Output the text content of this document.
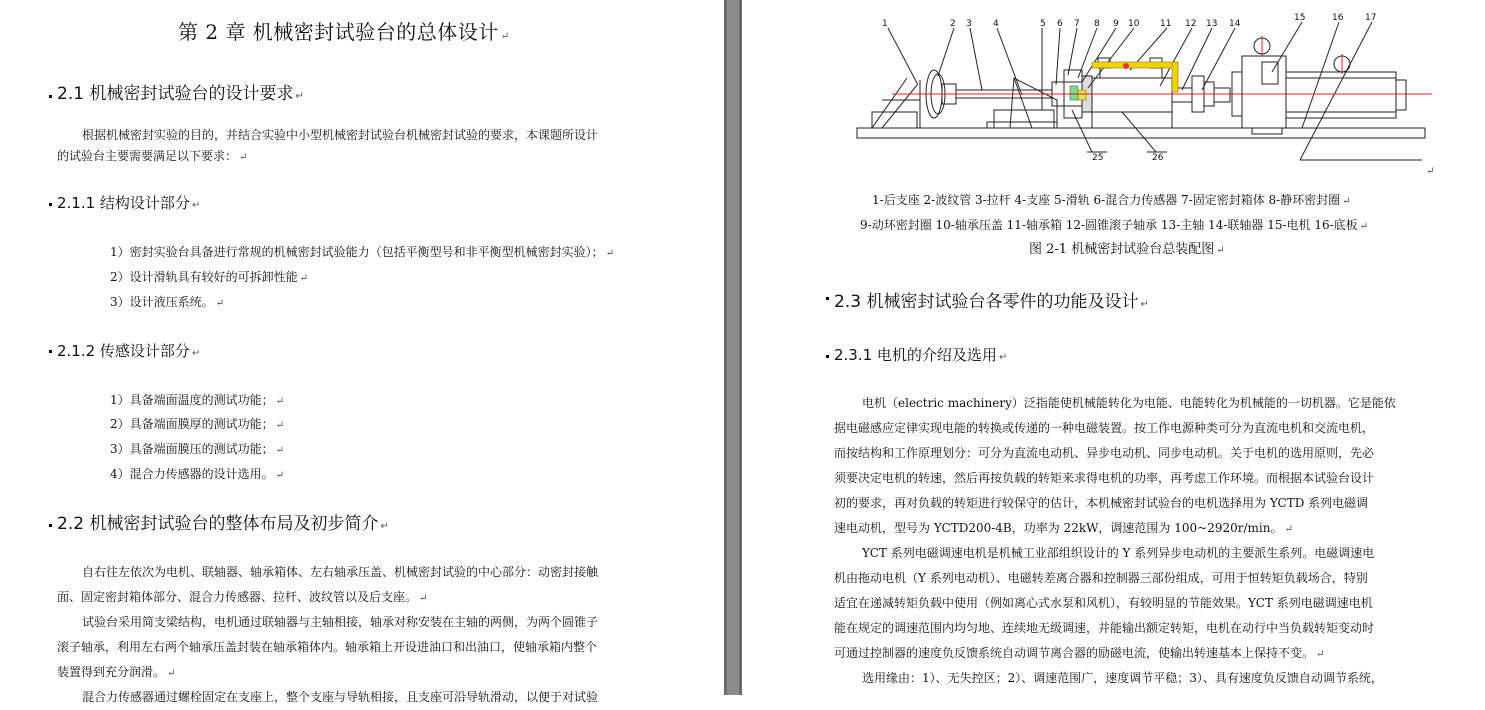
第 2 章 机械密封试验台的总体设计 ↵
2.1 机械密封试验台的设计要求 ↵
根据机械密封实验的目的，并结合实验中小型机械密封试验台机械密封试验的要求，本课题所设计
的试验台主要需要满足以下要求： ↵
2.1.1 结构设计部分 ↵
1）密封实验台具备进行常规的机械密封试验能力（包括平衡型号和非平衡型机械密封实验）； ↵
2）设计滑轨具有较好的可拆卸性能 ↵
3）设计液压系统。 ↵
2.1.2 传感设计部分 ↵
1）具备端面温度的测试功能； ↵
2）具备端面膜厚的测试功能； ↵
3）具备端面膜压的测试功能； ↵
4）混合力传感器的设计选用。 ↵
2.2 机械密封试验台的整体布局及初步简介 ↵
自右往左依次为电机、联轴器、轴承箱体、左右轴承压盖、机械密封试验的中心部分：动密封接触
面、固定密封箱体部分、混合力传感器、拉杆、波纹管以及后支座。 ↵
试验台采用简支梁结构，电机通过联轴器与主轴相接，轴承对称安装在主轴的两侧，为两个圆锥子
滚子轴承，利用左右两个轴承压盖封装在轴承箱体内。轴承箱上开设进油口和出油口，使轴承箱内整个
装置得到充分润滑。 ↵
混合力传感器通过螺栓固定在支座上，整个支座与导轨相接，且支座可沿导轨滑动，以便于对试验
1	2 3 4	5 6 7 8 9 10 11 12 13 14
15	16 17
25	26
↵
1-后支座 2-波纹管 3-拉杆 4-支座 5-滑轨 6-混合力传感器 7-固定密封箱体 8-静环密封圈 ↵
9-动环密封圈 10-轴承压盖 11-轴承箱 12-圆锥滚子轴承 13-主轴 14-联轴器 15-电机 16-底板 ↵
图 2-1 机械密封试验台总装配图 ↵
2.3 机械密封试验台各零件的功能及设计 ↵
2.3.1 电机的介绍及选用 ↵
电机（electric machinery）泛指能使机械能转化为电能、电能转化为机械能的一切机器。它是能依
据电磁感应定律实现电能的转换或传递的一种电磁装置。按工作电源种类可分为直流电机和交流电机，
而按结构和工作原理划分：可分为直流电动机、异步电动机、同步电动机。关于电机的选用原则，先必
须要决定电机的转速，然后再按负载的转矩来求得电机的功率，再考虑工作环境。而根据本试验台设计
初的要求，再对负载的转矩进行较保守的估计，本机械密封试验台的电机选择用为 YCTD 系列电磁调
速电动机，型号为 YCTD200-4B，功率为 22kW，调速范围为 100~2920r/min。 ↵
YCT 系列电磁调速电机是机械工业部组织设计的 Y 系列异步电动机的主要派生系列。电磁调速电
机由拖动电机（Y 系列电动机）、电磁转差离合器和控制器三部份组成，可用于恒转矩负载场合，特别
适宜在递减转矩负载中使用（例如离心式水泵和风机），有较明显的节能效果。YCT 系列电磁调速电机
能在规定的调速范围内均匀地、连续地无级调速，并能输出额定转矩，电机在动行中当负载转矩变动时
可通过控制器的速度负反馈系统自动调节离合器的励磁电流，使输出转速基本上保持不变。 ↵
选用缘由：1）、无失控区；2）、调速范围广，速度调节平稳；3）、具有速度负反馈自动调节系统，
